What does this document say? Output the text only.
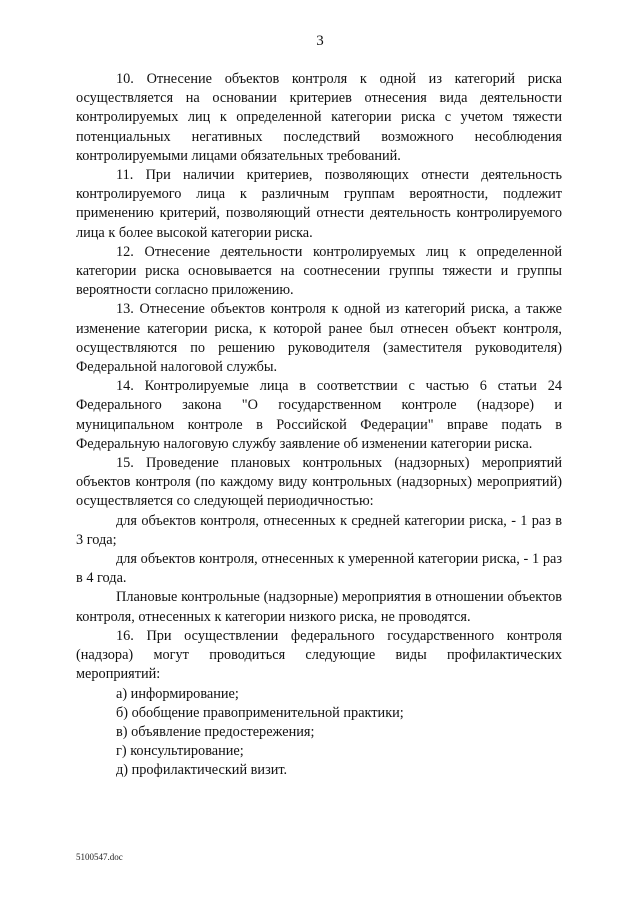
3

10. Отнесение объектов контроля к одной из категорий риска осуществляется на основании критериев отнесения вида деятельности контролируемых лиц к определенной категории риска с учетом тяжести потенциальных негативных последствий возможного несоблюдения контролируемыми лицами обязательных требований.

11. При наличии критериев, позволяющих отнести деятельность контролируемого лица к различным группам вероятности, подлежит применению критерий, позволяющий отнести деятельность контролируемого лица к более высокой категории риска.

12. Отнесение деятельности контролируемых лиц к определенной категории риска основывается на соотнесении группы тяжести и группы вероятности согласно приложению.

13. Отнесение объектов контроля к одной из категорий риска, а также изменение категории риска, к которой ранее был отнесен объект контроля, осуществляются по решению руководителя (заместителя руководителя) Федеральной налоговой службы.

14. Контролируемые лица в соответствии с частью 6 статьи 24 Федерального закона "О государственном контроле (надзоре) и муниципальном контроле в Российской Федерации" вправе подать в Федеральную налоговую службу заявление об изменении категории риска.

15. Проведение плановых контрольных (надзорных) мероприятий объектов контроля (по каждому виду контрольных (надзорных) мероприятий) осуществляется со следующей периодичностью:

для объектов контроля, отнесенных к средней категории риска, - 1 раз в 3 года;

для объектов контроля, отнесенных к умеренной категории риска, - 1 раз в 4 года.

Плановые контрольные (надзорные) мероприятия в отношении объектов контроля, отнесенных к категории низкого риска, не проводятся.

16. При осуществлении федерального государственного контроля (надзора) могут проводиться следующие виды профилактических мероприятий:

а) информирование;

б) обобщение правоприменительной практики;

в) объявление предостережения;

г) консультирование;

д) профилактический визит.

5100547.doc
